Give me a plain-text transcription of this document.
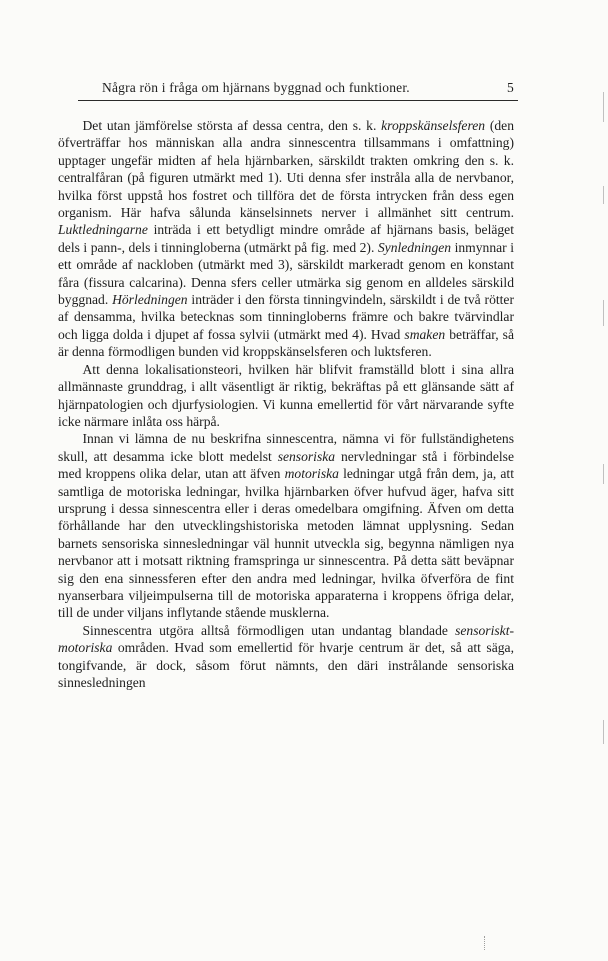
Några rön i fråga om hjärnans byggnad och funktioner.	5

Det utan jämförelse största af dessa centra, den s. k. kroppskänselsferen (den öfverträffar hos människan alla andra sinnescentra tillsammans i omfattning) upptager ungefär midten af hela hjärnbarken, särskildt trakten omkring den s. k. centralfåran (på figuren utmärkt med 1). Uti denna sfer instråla alla de nervbanor, hvilka först uppstå hos fostret och tillföra det de första intrycken från dess egen organism. Här hafva sålunda känselsinnets nerver i allmänhet sitt centrum. Luktledningarne inträda i ett betydligt mindre område af hjärnans basis, beläget dels i pann-, dels i tinningloberna (utmärkt på fig. med 2). Synledningen inmynnar i ett område af nackloben (utmärkt med 3), särskildt markeradt genom en konstant fåra (fissura calcarina). Denna sfers celler utmärka sig genom en alldeles särskild byggnad. Hörledningen inträder i den första tinningvindeln, särskildt i de två rötter af densamma, hvilka betecknas som tinningloberns främre och bakre tvärvindlar och ligga dolda i djupet af fossa sylvii (utmärkt med 4). Hvad smaken beträffar, så är denna förmodligen bunden vid kroppskänselsferen och luktsferen.

Att denna lokalisationsteori, hvilken här blifvit framställd blott i sina allra allmännaste grunddrag, i allt väsentligt är riktig, bekräftas på ett glänsande sätt af hjärnpatologien och djurfysiologien. Vi kunna emellertid för vårt närvarande syfte icke närmare inlåta oss härpå.

Innan vi lämna de nu beskrifna sinnescentra, nämna vi för fullständighetens skull, att desamma icke blott medelst sensoriska nervledningar stå i förbindelse med kroppens olika delar, utan att äfven motoriska ledningar utgå från dem, ja, att samtliga de motoriska ledningar, hvilka hjärnbarken öfver hufvud äger, hafva sitt ursprung i dessa sinnescentra eller i deras omedelbara omgifning. Äfven om detta förhållande har den utvecklingshistoriska metoden lämnat upplysning. Sedan barnets sensoriska sinnesledningar väl hunnit utveckla sig, begynna nämligen nya nervbanor att i motsatt riktning framspringa ur sinnescentra. På detta sätt beväpnar sig den ena sinnessferen efter den andra med ledningar, hvilka öfverföra de fint nyanserbara viljeimpulserna till de motoriska apparaterna i kroppens öfriga delar, till de under viljans inflytande stående musklerna.

Sinnescentra utgöra alltså förmodligen utan undantag blandade sensoriskt-motoriska områden. Hvad som emellertid för hvarje centrum är det, så att säga, tongifvande, är dock, såsom förut nämnts, den däri instrålande sensoriska sinnesledningen
